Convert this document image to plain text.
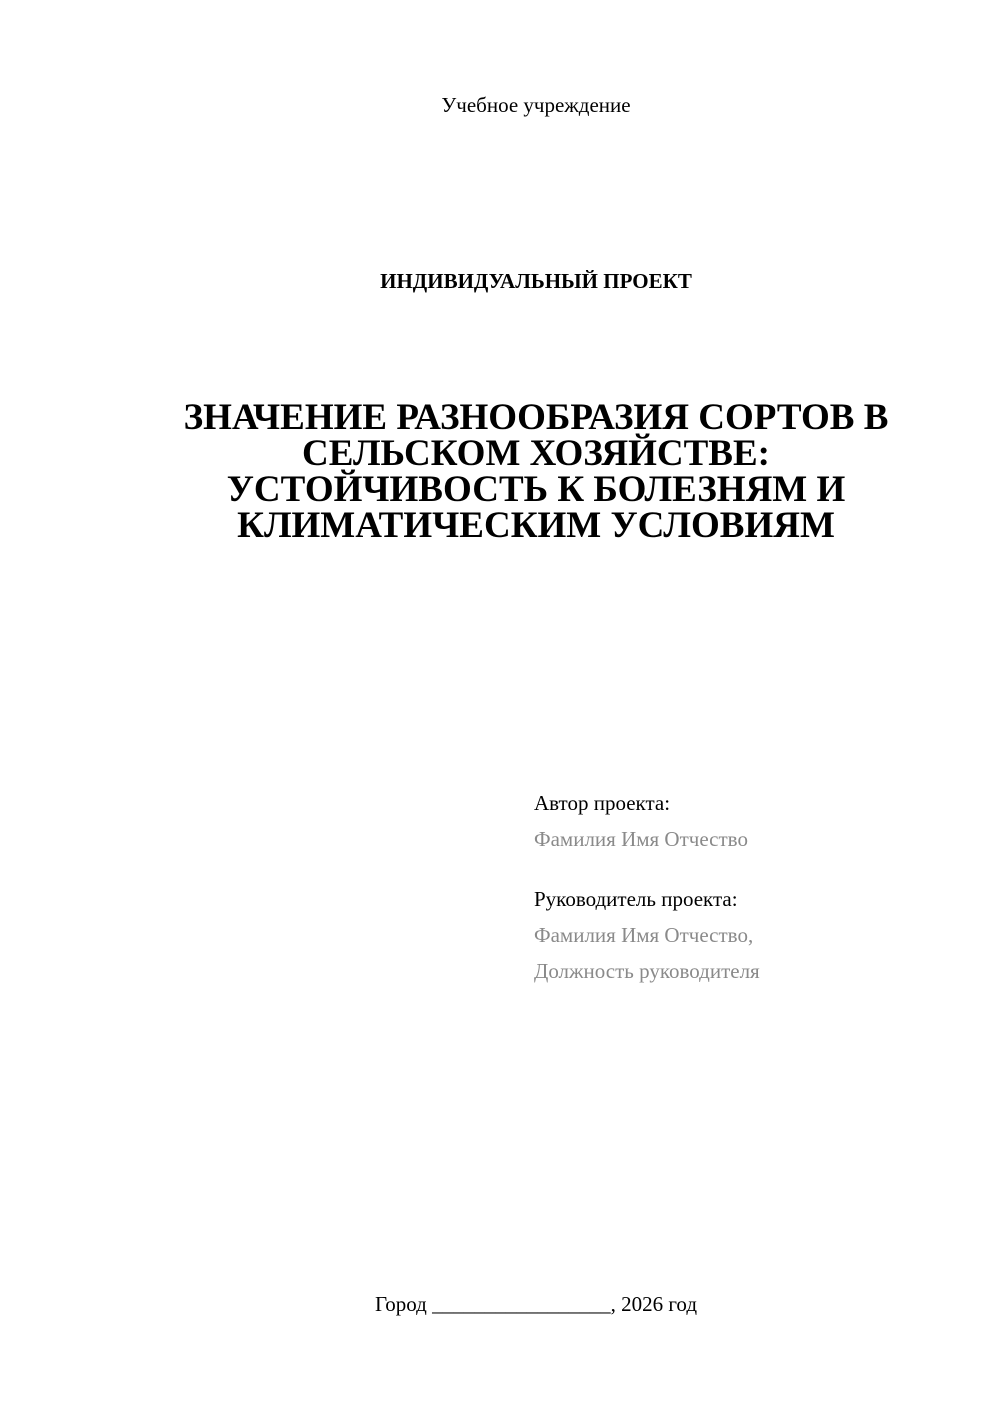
Учебное учреждение
ИНДИВИДУАЛЬНЫЙ ПРОЕКТ
ЗНАЧЕНИЕ РАЗНООБРАЗИЯ СОРТОВ В
СЕЛЬСКОМ ХОЗЯЙСТВЕ:
УСТОЙЧИВОСТЬ К БОЛЕЗНЯМ И
КЛИМАТИЧЕСКИМ УСЛОВИЯМ
Автор проекта:
Фамилия Имя Отчество
Руководитель проекта:
Фамилия Имя Отчество,
Должность руководителя
Город _________________, 2026 год
